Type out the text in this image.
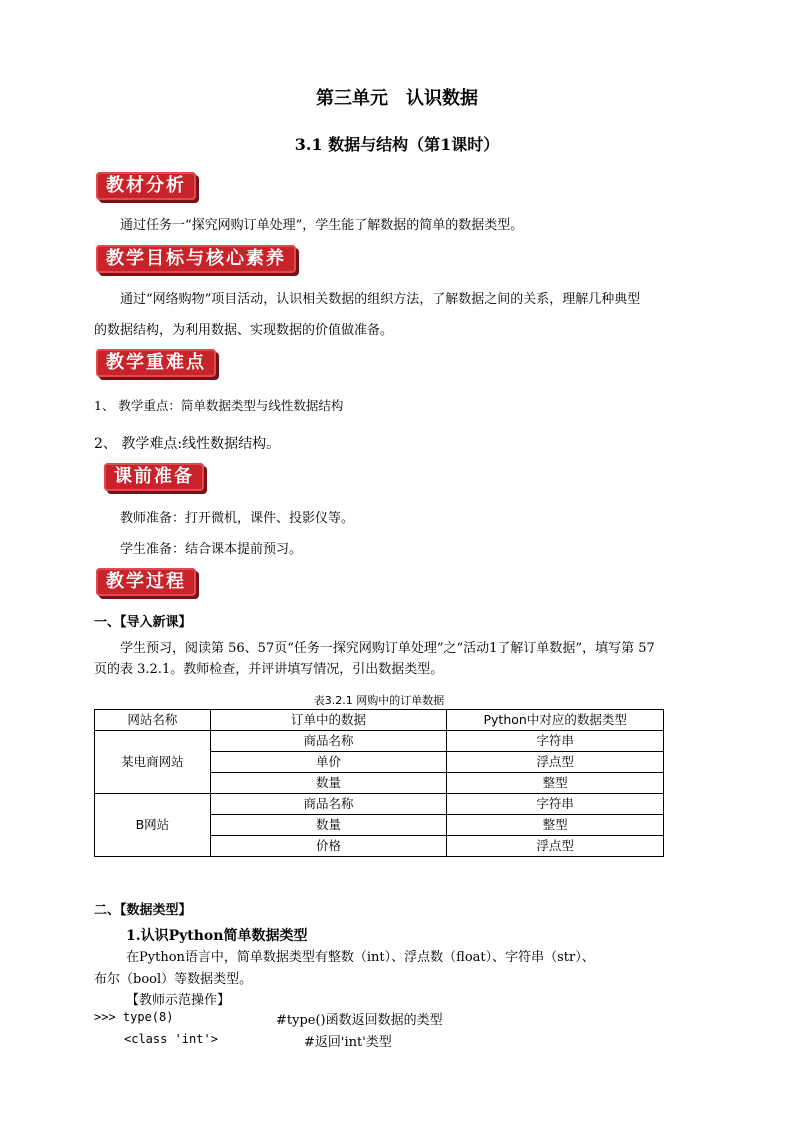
第三单元　认识数据
3.1 数据与结构（第1课时）
教材分析
通过任务一“探究网购订单处理”，学生能了解数据的简单的数据类型。
教学目标与核心素养
通过“网络购物”项目活动，认识相关数据的组织方法，了解数据之间的关系，理解几种典型
的数据结构，为利用数据、实现数据的价值做准备。
教学重难点
1、 教学重点：简单数据类型与线性数据结构
2、 教学难点:线性数据结构。
课前准备
教师准备：打开微机，课件、投影仪等。
学生准备：结合课本提前预习。
教学过程
一、【导入新课】
学生预习，阅读第 56、57页“任务一探究网购订单处理”之“活动1了解订单数据”，填写第 57
页的表 3.2.1。教师检查，并评讲填写情况，引出数据类型。
表3.2.1 网购中的订单数据
网站名称	订单中的数据	Python中对应的数据类型
某电商网站	商品名称	字符串
	单价	浮点型
	数量	整型
B网站	商品名称	字符串
	数量	整型
	价格	浮点型
二、【数据类型】
1.认识Python简单数据类型
在Python语言中，简单数据类型有整数（int）、浮点数（float）、字符串（str）、
布尔（bool）等数据类型。
【教师示范操作】
>>> type(8)	#type()函数返回数据的类型
<class 'int'>	#返回'int'类型
